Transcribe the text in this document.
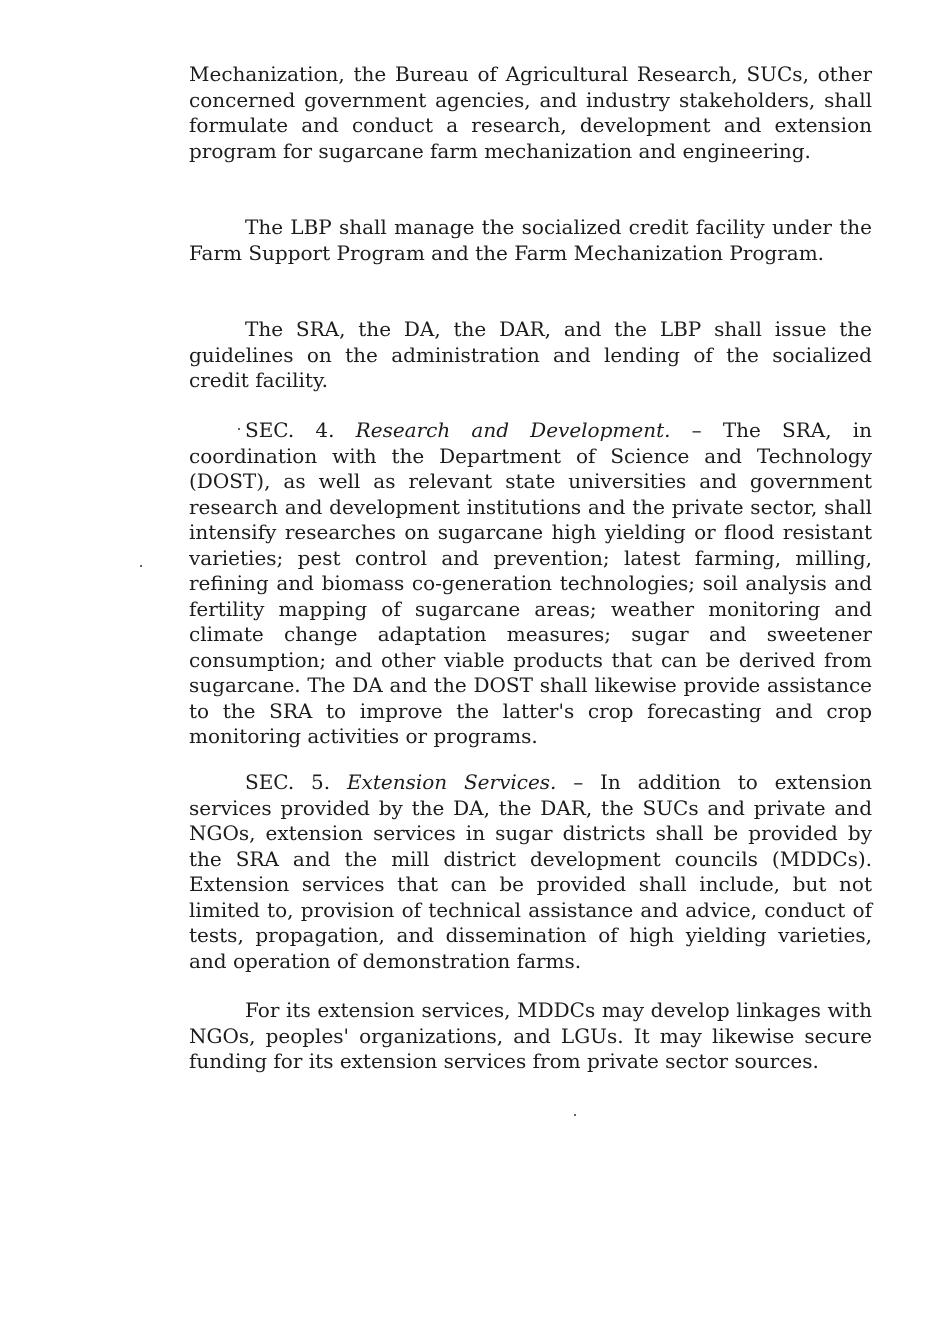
Mechanization, the Bureau of Agricultural Research, SUCs, other concerned government agencies, and industry stakeholders, shall formulate and conduct a research, development and extension program for sugarcane farm mechanization and engineering.

The LBP shall manage the socialized credit facility under the Farm Support Program and the Farm Mechanization Program.

The SRA, the DA, the DAR, and the LBP shall issue the guidelines on the administration and lending of the socialized credit facility.

SEC. 4. Research and Development. – The SRA, in coordination with the Department of Science and Technology (DOST), as well as relevant state universities and government research and development institutions and the private sector, shall intensify researches on sugarcane high yielding or flood resistant varieties; pest control and prevention; latest farming, milling, refining and biomass co-generation technologies; soil analysis and fertility mapping of sugarcane areas; weather monitoring and climate change adaptation measures; sugar and sweetener consumption; and other viable products that can be derived from sugarcane. The DA and the DOST shall likewise provide assistance to the SRA to improve the latter's crop forecasting and crop monitoring activities or programs.

SEC. 5. Extension Services. – In addition to extension services provided by the DA, the DAR, the SUCs and private and NGOs, extension services in sugar districts shall be provided by the SRA and the mill district development councils (MDDCs). Extension services that can be provided shall include, but not limited to, provision of technical assistance and advice, conduct of tests, propagation, and dissemination of high yielding varieties, and operation of demonstration farms.

For its extension services, MDDCs may develop linkages with NGOs, peoples' organizations, and LGUs. It may likewise secure funding for its extension services from private sector sources.
